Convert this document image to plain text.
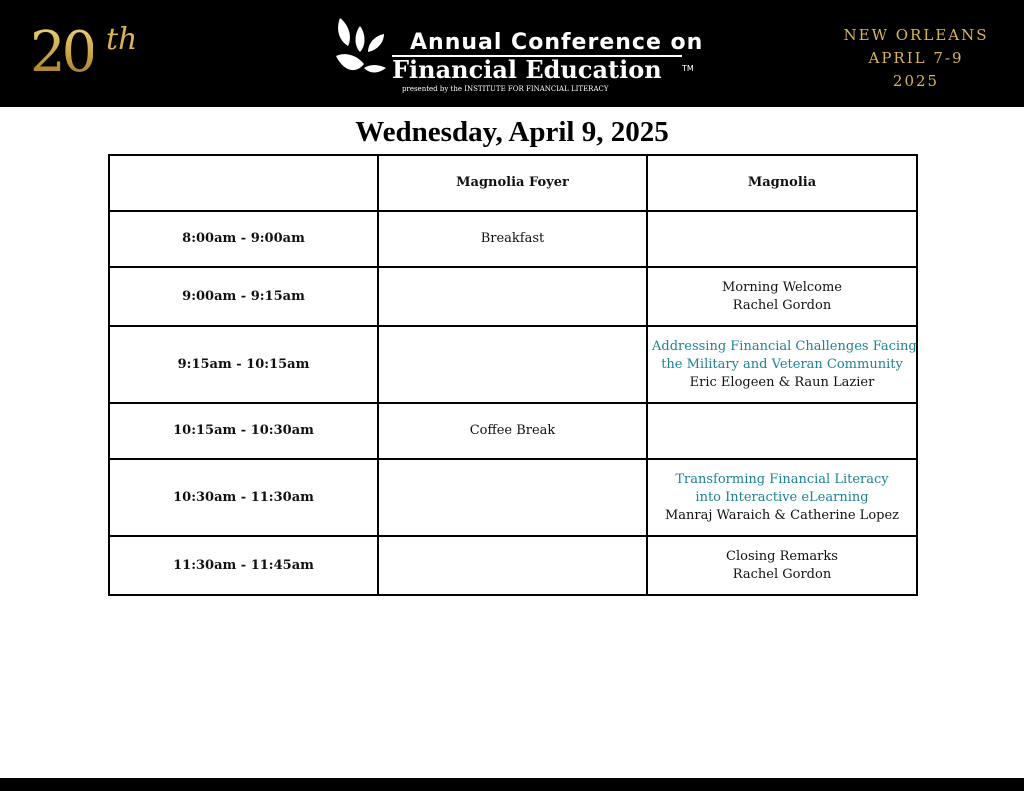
20 th	Annual Conference on
Financial Education	TM
presented by the INSTITUTE FOR FINANCIAL LITERACY
NEW ORLEANS
APRIL 7-9
2025
Wednesday, April 9, 2025
	Magnolia Foyer	Magnolia
8:00am - 9:00am	Breakfast	

9:00am - 9:15am		Morning Welcome
Rachel Gordon

9:15am - 10:15am		Addressing Financial Challenges Facing
the Military and Veteran Community
Eric Elogeen & Raun Lazier

10:15am - 10:30am	Coffee Break	

10:30am - 11:30am		Transforming Financial Literacy
into Interactive eLearning
Manraj Waraich & Catherine Lopez

11:30am - 11:45am		Closing Remarks
Rachel Gordon
